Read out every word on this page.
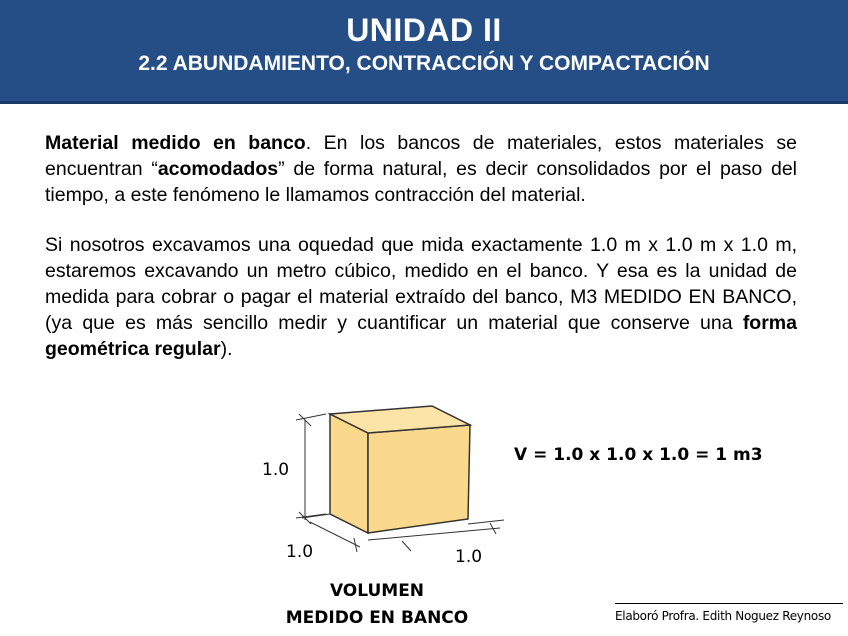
UNIDAD II
2.2 ABUNDAMIENTO, CONTRACCIÓN Y COMPACTACIÓN
Material medido en banco. En los bancos de materiales, estos materiales se encuentran “acomodados” de forma natural, es decir consolidados por el paso del tiempo, a este fenómeno le llamamos contracción del material.
Si nosotros excavamos una oquedad que mida exactamente 1.0 m x 1.0 m x 1.0 m, estaremos excavando un metro cúbico, medido en el banco. Y esa es la unidad de medida para cobrar o pagar el material extraído del banco, M3 MEDIDO EN BANCO, (ya que es más sencillo medir y cuantificar un material que conserve una forma geométrica regular).
1.0
1.0	1.0
V = 1.0 x 1.0 x 1.0 = 1 m3
VOLUMEN
MEDIDO EN BANCO	Elaboró Profra. Edith Noguez Reynoso
